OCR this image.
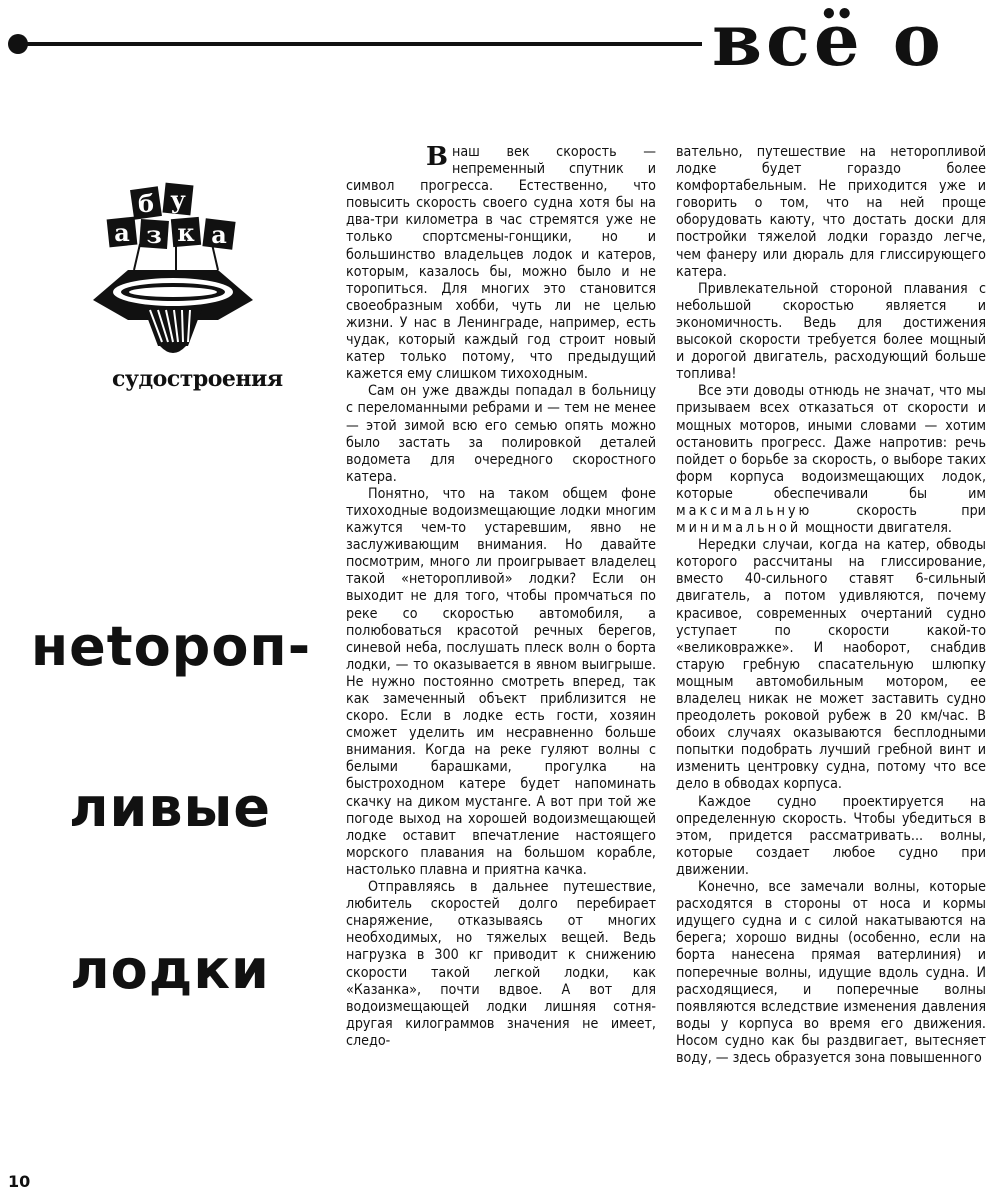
всё о
б у
а з к а
судостроения
неtороп-
ливые
лодки

Внаш век скорость — непременный спутник и символ прогресса. Естественно, что повысить скорость своего судна хотя бы на два-три километра в час стремятся уже не только спортсмены-гонщики, но и большинство владельцев лодок и катеров, которым, казалось бы, можно было и не торопиться. Для многих это становится своеобразным хобби, чуть ли не целью жизни. У нас в Ленинграде, например, есть чудак, который каждый год строит новый катер только потому, что предыдущий кажется ему слишком тихоходным.

Сам он уже дважды попадал в больницу с переломанными ребрами и — тем не менее — этой зимой всю его семью опять можно было застать за полировкой деталей водомета для очередного скоростного катера.

Понятно, что на таком общем фоне тихоходные водоизмещающие лодки многим кажутся чем-то устаревшим, явно не заслуживающим внимания. Но давайте посмотрим, много ли проигрывает владелец такой «неторопливой» лодки? Если он выходит не для того, чтобы промчаться по реке со скоростью автомобиля, а полюбоваться красотой речных берегов, синевой неба, послушать плеск волн о борта лодки, — то оказывается в явном выигрыше. Не нужно постоянно смотреть вперед, так как замеченный объект приблизится не скоро. Если в лодке есть гости, хозяин сможет уделить им несравненно больше внимания. Когда на реке гуляют волны с белыми барашками, прогулка на быстроходном катере будет напоминать скачку на диком мустанге. А вот при той же погоде выход на хорошей водоизмещающей лодке оставит впечатление настоящего морского плавания на большом корабле, настолько плавна и приятна качка.

Отправляясь в дальнее путешествие, любитель скоростей долго перебирает снаряжение, отказываясь от многих необходимых, но тяжелых вещей. Ведь нагрузка в 300 кг приводит к снижению скорости такой легкой лодки, как «Казанка», почти вдвое. А вот для водоизмещающей лодки лишняя сотня-другая килограммов значения не имеет, следо-

вательно, путешествие на неторопливой лодке будет гораздо более комфортабельным. Не приходится уже и говорить о том, что на ней проще оборудовать каюту, что достать доски для постройки тяжелой лодки гораздо легче, чем фанеру или дюраль для глиссирующего катера.

Привлекательной стороной плавания с небольшой скоростью является и экономичность. Ведь для достижения высокой скорости требуется более мощный и дорогой двигатель, расходующий больше топлива!

Все эти доводы отнюдь не значат, что мы призываем всех отказаться от скорости и мощных моторов, иными словами — хотим остановить прогресс. Даже напротив: речь пойдет о борьбе за скорость, о выборе таких форм корпуса водоизмещающих лодок, которые обеспечивали бы им максимальную	скорость при минимальной мощности двигателя.

Нередки случаи, когда на катер, обводы которого рассчитаны на глиссирование, вместо 40-сильного ставят 6-сильный двигатель, а потом удивляются, почему красивое, современных очертаний судно уступает по скорости какой-то «великовражке». И наоборот, снабдив старую гребную спасательную шлюпку мощным автомобильным мотором, ее владелец никак не может заставить судно преодолеть роковой рубеж в 20 км/час. В обоих случаях оказываются бесплодными попытки подобрать лучший гребной винт и изменить центровку судна, потому что все дело в обводах корпуса.

Каждое судно проектируется на определенную скорость. Чтобы убедиться в этом, придется рассматривать... волны, которые создает любое судно при движении.

Конечно, все замечали волны, которые расходятся в стороны от носа и кормы идущего судна и с силой накатываются на берега; хорошо видны (особенно, если на борта нанесена прямая ватерлиния) и поперечные волны, идущие вдоль судна. И расходящиеся, и поперечные волны появляются вследствие изменения давления воды у корпуса во время его движения. Носом судно как бы раздвигает, вытесняет воду, — здесь образуется зона повышенного

10
